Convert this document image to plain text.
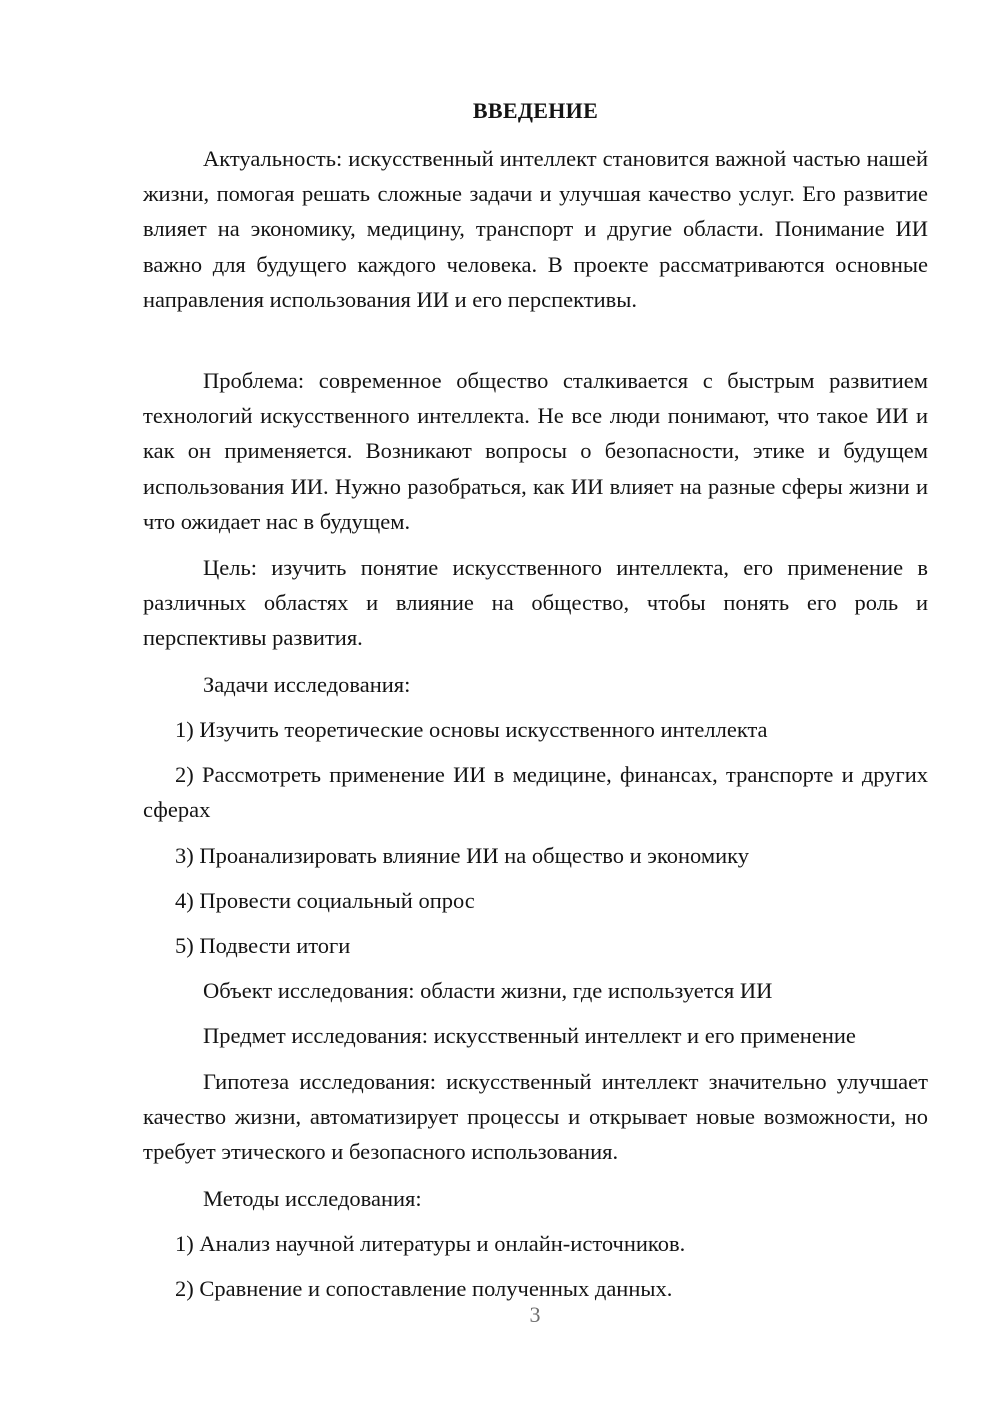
ВВЕДЕНИЕ

Актуальность: искусственный интеллект становится важной частью нашей жизни, помогая решать сложные задачи и улучшая качество услуг. Его развитие влияет на экономику, медицину, транспорт и другие области. Понимание ИИ важно для будущего каждого человека. В проекте рассматриваются основные направления использования ИИ и его перспективы.

Проблема: современное общество сталкивается с быстрым развитием технологий искусственного интеллекта. Не все люди понимают, что такое ИИ и как он применяется. Возникают вопросы о безопасности, этике и будущем использования ИИ. Нужно разобраться, как ИИ влияет на разные сферы жизни и что ожидает нас в будущем.

Цель: изучить понятие искусственного интеллекта, его применение в различных областях и влияние на общество, чтобы понять его роль и перспективы развития.

Задачи исследования:

1) Изучить теоретические основы искусственного интеллекта

2) Рассмотреть применение ИИ в медицине, финансах, транспорте и других сферах

3) Проанализировать влияние ИИ на общество и экономику

4) Провести социальный опрос

5) Подвести итоги

Объект исследования: области жизни, где используется ИИ

Предмет исследования: искусственный интеллект и его применение

Гипотеза исследования: искусственный интеллект значительно улучшает качество жизни, автоматизирует процессы и открывает новые возможности, но требует этического и безопасного использования.

Методы исследования:

1) Анализ научной литературы и онлайн-источников.

2) Сравнение и сопоставление полученных данных.

3
